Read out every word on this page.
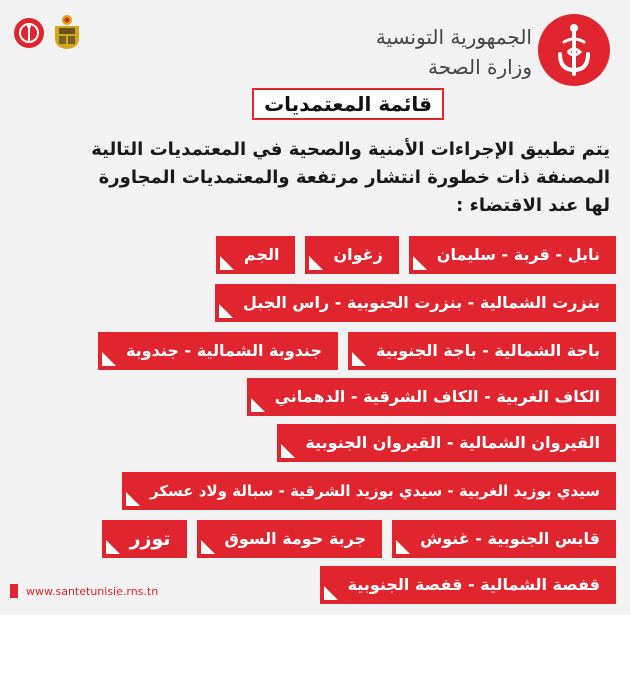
الجمهورية التونسية
وزارة الصحة
قائمة المعتمديات
يتم تطبيق الإجراءات الأمنية والصحية في المعتمديات التالية
المصنفة ذات خطورة انتشار مرتفعة والمعتمديات المجاورة
لها عند الاقتضاء :
نابل - قربة - سليمان
زغوان
الجم
بنزرت الشمالية - بنزرت الجنوبية - راس الجبل
باجة الشمالية - باجة الجنوبية
جندوبة الشمالية - جندوبة
الكاف الغربية - الكاف الشرقية - الدهماني
القيروان الشمالية - القيروان الجنوبية
سيدي بوزيد الغربية - سيدي بوزيد الشرقية - سبالة ولاد عسكر
قابس الجنوبية - غنوش
جربة حومة السوق
توزر
قفصة الشمالية - قفصة الجنوبية
www.santetunisie.rns.tn
